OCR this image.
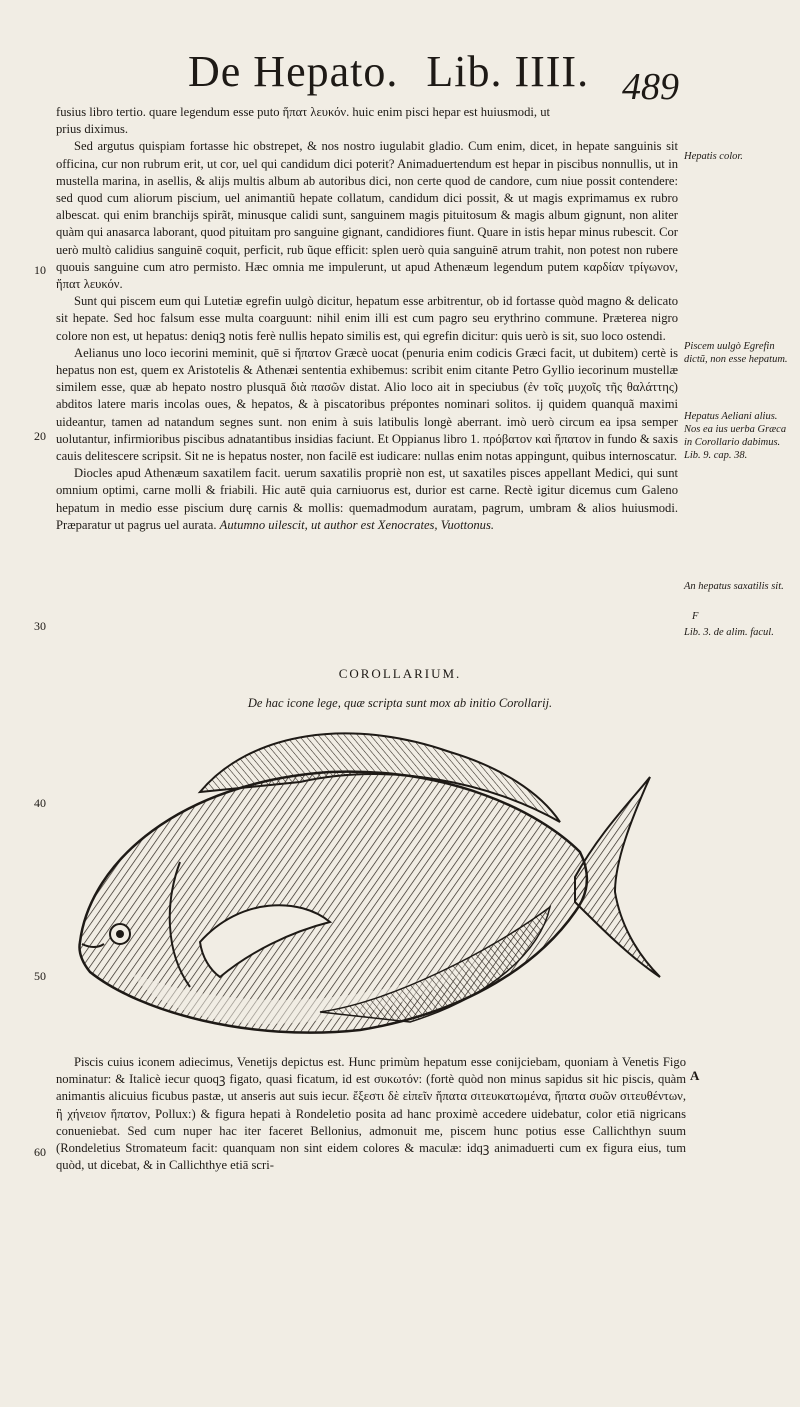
De Hepato. Lib. IIII. 489

fusius libro tertio. quare legendum esse puto ἥπατ λευκόν. huic enim pisci hepar est huiusmodi, ut

prius diximus.

Sed argutus quispiam fortasse hic obstrepet, & nos nostro iugulabit gladio. Cum enim, dicet, in hepate sanguinis sit officina, cur non rubrum erit, ut cor, uel qui candidum dici poterit? Animaduertendum est hepar in piscibus nonnullis, ut in mustella marina, in asellis, & alijs multis album ab autoribus dici, non certe quod de candore, cum niue possit contendere: sed quod cum aliorum piscium, uel animantiũ hepate collatum, candidum dici possit, & ut magis exprimamus ex rubro albescat. qui enim branchijs spirãt, minusque calidi sunt, sanguinem magis pituitosum & magis album gignunt, non aliter quàm qui anasarca laborant, quod pituitam pro sanguine gignant, candidiores fiunt. Quare in istis hepar minus rubescit. Cor uerò multò calidius sanguinē coquit, perficit, rub ũque efficit: splen uerò quia sanguinē atrum trahit, non potest non rubere quouis sanguine cum atro permisto. Hæc omnia me impulerunt, ut apud Athenæum legendum putem καρδίαν τρίγωνον, ἥπατ λευκόν.

Sunt qui piscem eum qui Lutetiæ egrefin uulgò dicitur, hepatum esse arbitrentur, ob id fortasse quòd magno & delicato sit hepate. Sed hoc falsum esse multa coarguunt: nihil enim illi est cum pagro seu erythrino commune. Præterea nigro colore non est, ut hepatus: deniqꝫ notis ferè nullis hepato similis est, qui egrefin dicitur: quis uerò is sit, suo loco ostendi.

Aelianus uno loco iecorini meminit, quē si ἥπατον Græcè uocat (penuria enim codicis Græci facit, ut dubitem) certè is hepatus non est, quem ex Aristotelis & Athenæi sententia exhibemus: scribit enim citante Petro Gyllio iecorinum mustellæ similem esse, quæ ab hepato nostro plusquā διὰ πασῶν distat. Alio loco ait in speciubus (ἐν τοῖς μυχοῖς τῆς θαλάττης) abditos latere maris incolas oues, & hepatos, & à piscatoribus prépontes nominari solitos. ij quidem quanquã maximi uideantur, tamen ad natandum segnes sunt. non enim à suis latibulis longè aberrant. imò uerò circum ea ipsa semper uolutantur, infirmioribus piscibus adnatantibus insidias faciunt. Et Oppianus libro 1. πρόβατον καὶ ἥπατον in fundo & saxis cauis delitescere scripsit. Sit ne is hepatus noster, non facilē est iudicare: nullas enim notas appingunt, quibus internoscatur.

Diocles apud Athenæum saxatilem facit. uerum saxatilis propriè non est, ut saxatiles pisces appellant Medici, qui sunt omnium optimi, carne molli & friabili. Hic autē quia carniuorus est, durior est carne. Rectè igitur dicemus cum Galeno hepatum in medio esse piscium durę carnis & mollis: quemadmodum auratam, pagrum, umbram & alios huiusmodi. Præparatur ut pagrus uel aurata. Autumno uilescit, ut author est Xenocrates, Vuottonus.

Hepatis color.
Piscem uulgò Egrefin dictũ, non esse hepatum.
Hepatus Aeliani alius. Nos ea ius uerba Græca in Corollario dabimus. Lib. 9. cap. 38.
An hepatus saxatilis sit.
F
Lib. 3. de alim. facul.
10
20
30
40
50
60
COROLLARIUM.
De hac icone lege, quæ scripta sunt mox ab initio Corollarij.
A

Piscis cuius iconem adiecimus, Venetijs depictus est. Hunc primùm hepatum esse conijciebam, quoniam à Venetis Figo nominatur: & Italicè iecur quoqꝫ figato, quasi ficatum, id est συκωτόν: (fortè quòd non minus sapidus sit hic piscis, quàm animantis alicuius ficubus pastæ, ut anseris aut suis iecur. ἔξεστι δὲ εἰπεῖν ἥπατα σιτευκατωμένα, ἥπατα συῶν σιτευθέντων, ἢ χήνειον ἥπατον, Pollux:) & figura hepati à Rondeletio posita ad hanc proximè accedere uidebatur, color etiā nigricans conueniebat. Sed cum nuper hac iter faceret Bellonius, admonuit me, piscem hunc potius esse Callichthyn suum (Rondeletius Stromateum facit: quanquam non sint eidem colores & maculæ: idqꝫ animaduerti cum ex figura eius, tum quòd, ut dicebat, & in Callichthye etiā scri-
